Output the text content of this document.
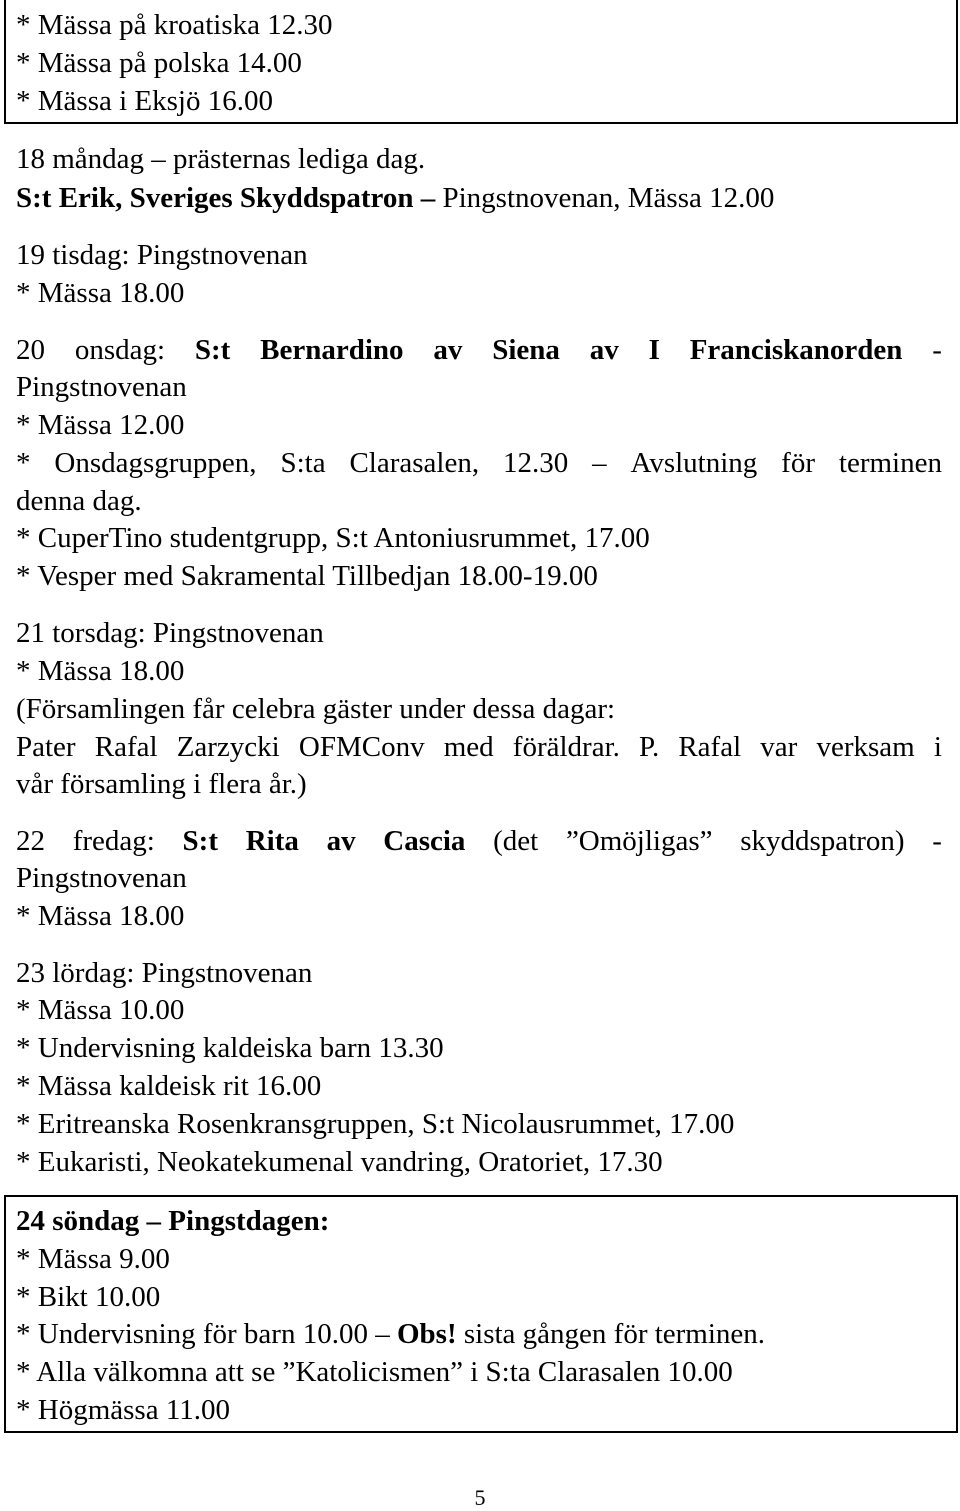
* Mässa på kroatiska 12.30
* Mässa på polska 14.00
* Mässa i Eksjö 16.00
18 måndag – prästernas lediga dag.
S:t Erik, Sveriges Skyddspatron – Pingstnovenan, Mässa 12.00
19 tisdag: Pingstnovenan
* Mässa 18.00
20 onsdag: S:t Bernardino av Siena av I Franciskanorden -
Pingstnovenan
* Mässa 12.00
* Onsdagsgruppen, S:ta Clarasalen, 12.30 – Avslutning för terminen
denna dag.
* CuperTino studentgrupp, S:t Antoniusrummet, 17.00
* Vesper med Sakramental Tillbedjan 18.00-19.00
21 torsdag: Pingstnovenan
* Mässa 18.00
(Församlingen får celebra gäster under dessa dagar:
Pater Rafal Zarzycki OFMConv med föräldrar. P. Rafal var verksam i
vår församling i flera år.)
22 fredag: S:t Rita av Cascia (det ”Omöjligas” skyddspatron) -
Pingstnovenan
* Mässa 18.00
23 lördag: Pingstnovenan
* Mässa 10.00
* Undervisning kaldeiska barn 13.30
* Mässa kaldeisk rit 16.00
* Eritreanska Rosenkransgruppen, S:t Nicolausrummet, 17.00
* Eukaristi, Neokatekumenal vandring, Oratoriet, 17.30
24 söndag – Pingstdagen:
* Mässa 9.00
* Bikt 10.00
* Undervisning för barn 10.00 – Obs! sista gången för terminen.
* Alla välkomna att se ”Katolicismen” i S:ta Clarasalen 10.00
* Högmässa 11.00
5
